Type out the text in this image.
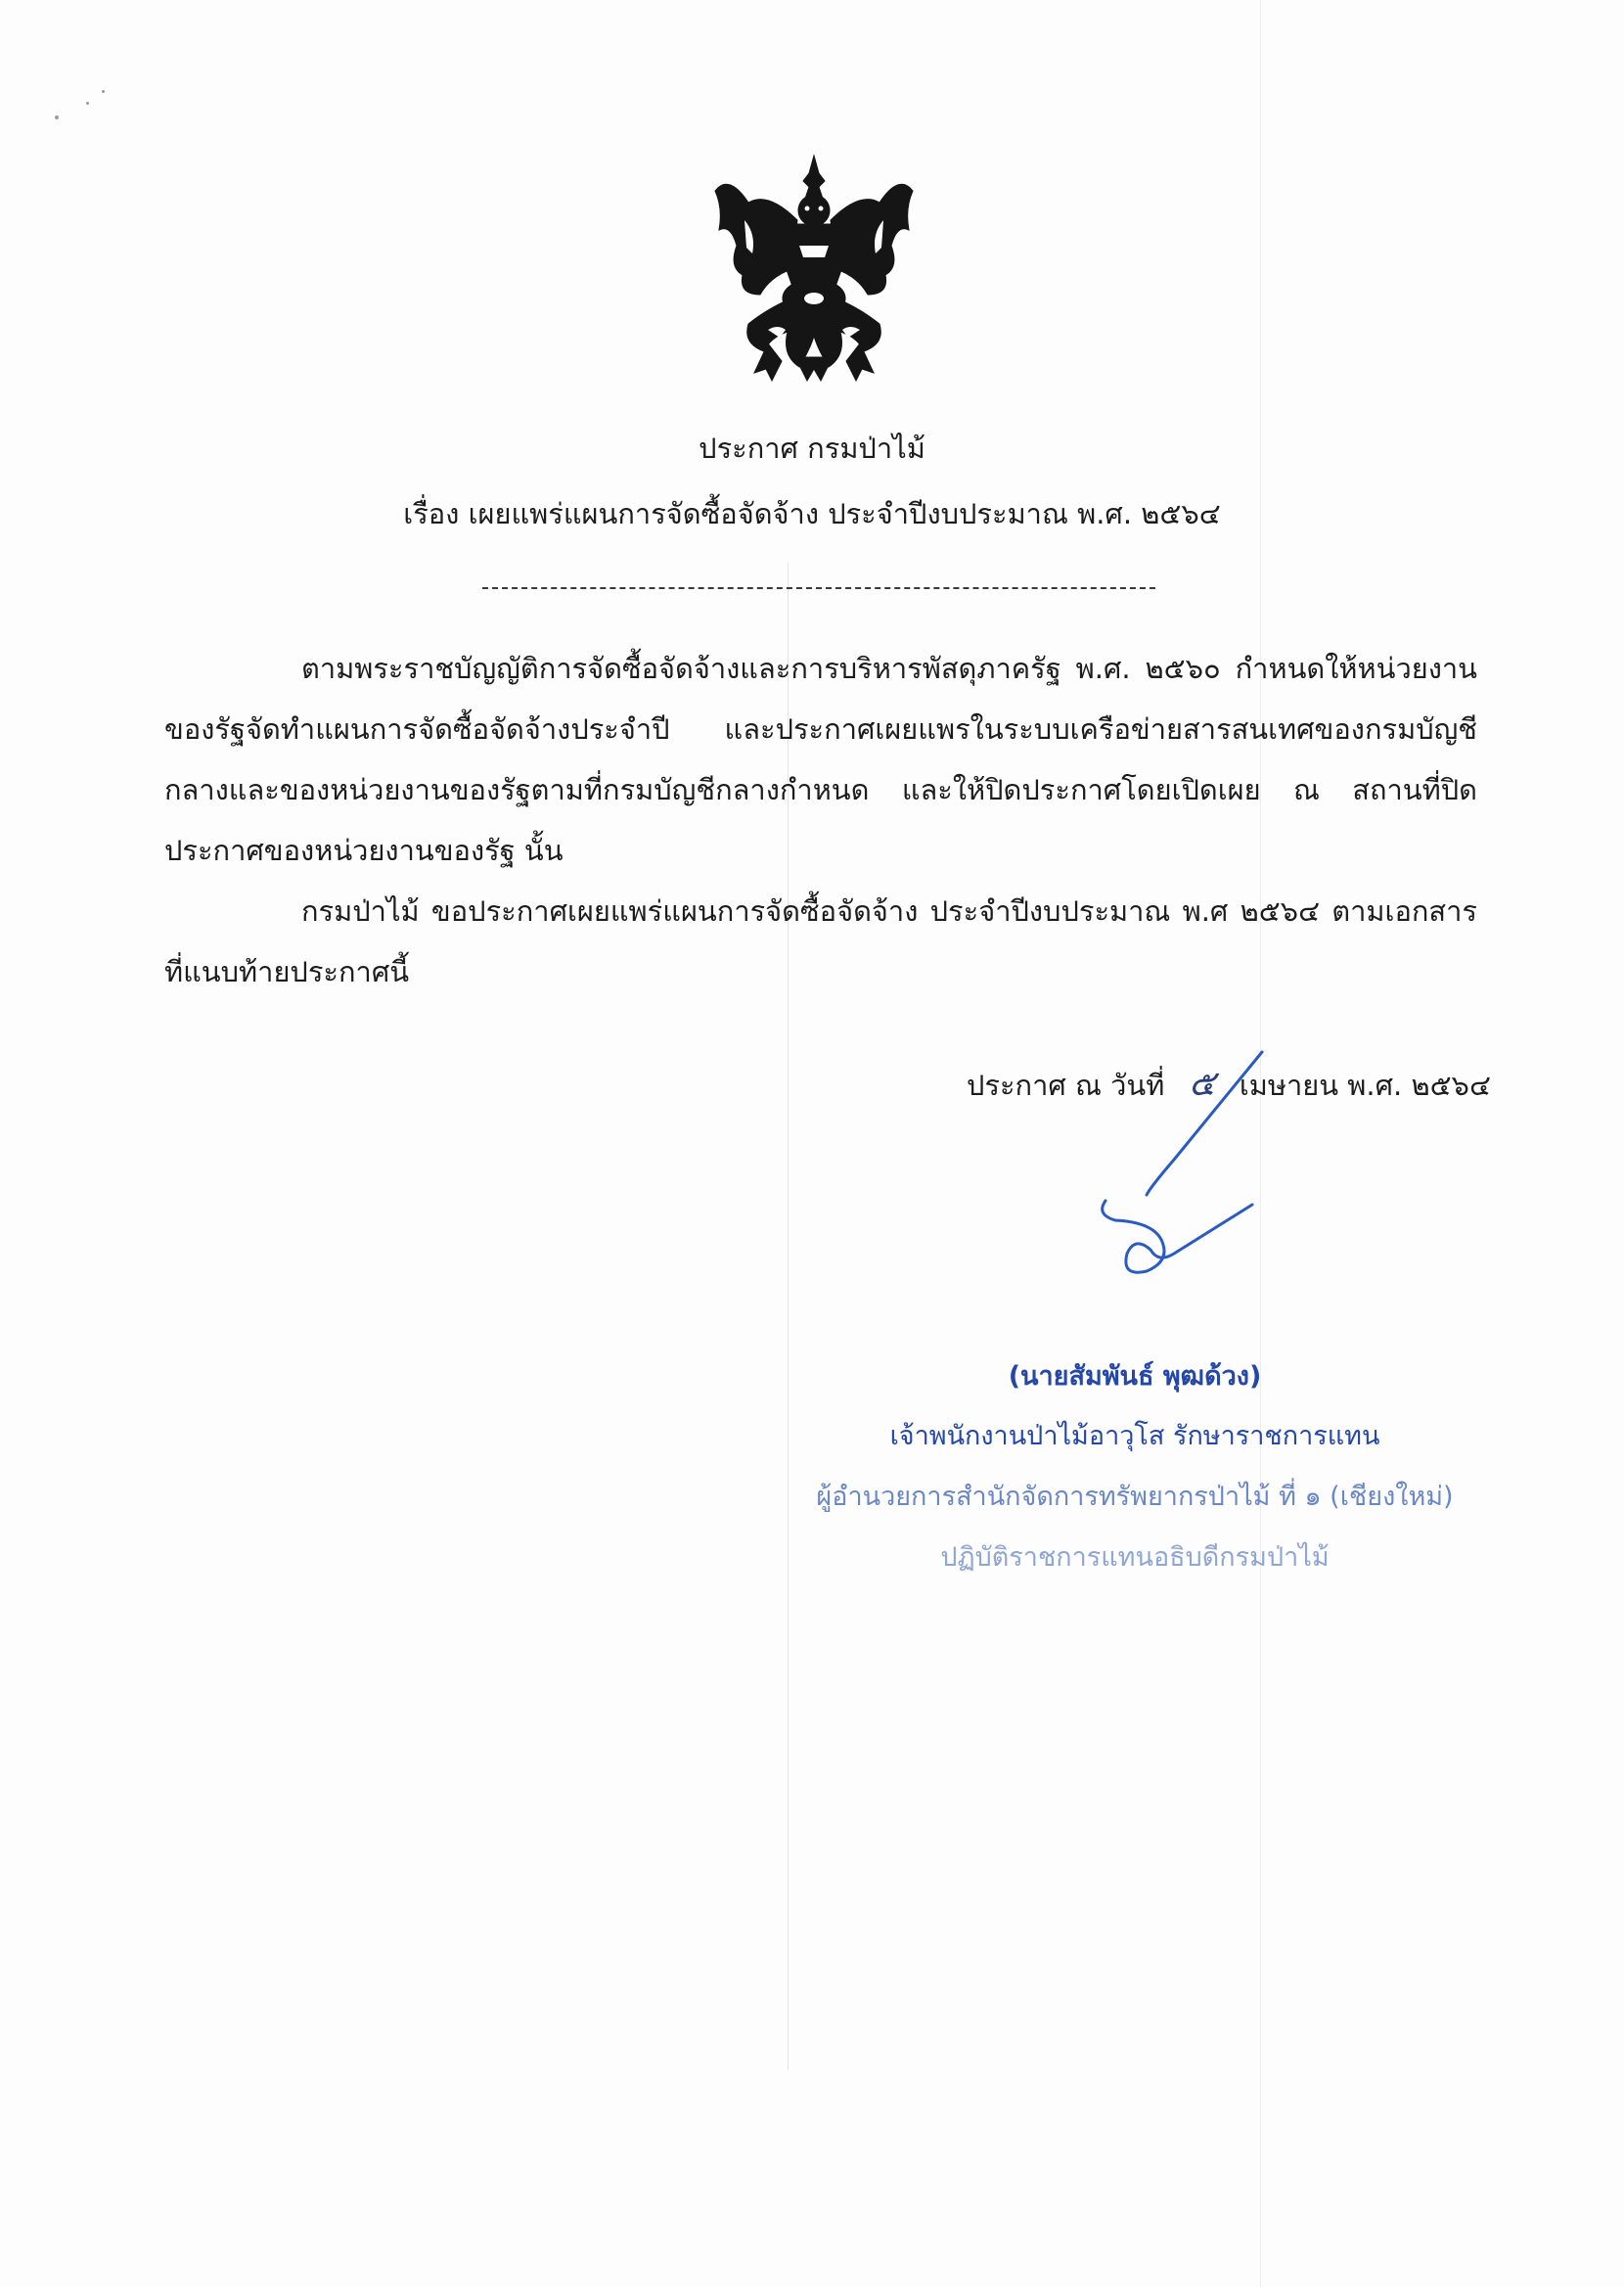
ประกาศ กรมป่าไม้
เรื่อง เผยแพร่แผนการจัดซื้อจัดจ้าง ประจำปีงบประมาณ พ.ศ. ๒๕๖๔

ตามพระราชบัญญัติการจัดซื้อจัดจ้างและการบริหารพัสดุภาครัฐ พ.ศ. ๒๕๖๐ กำหนดให้หน่วยงานของรัฐจัดทำแผนการจัดซื้อจัดจ้างประจำปี และประกาศเผยแพรในระบบเครือข่ายสารสนเทศของกรมบัญชีกลางและของหน่วยงานของรัฐตามที่กรมบัญชีกลางกำหนด และให้ปิดประกาศโดยเปิดเผย ณ สถานที่ปิดประกาศของหน่วยงานของรัฐ นั้น

กรมป่าไม้ ขอประกาศเผยแพร่แผนการจัดซื้อจัดจ้าง ประจำปีงบประมาณ พ.ศ ๒๕๖๔ ตามเอกสารที่แนบท้ายประกาศนี้

ประกาศ ณ วันที่ ๕ เมษายน พ.ศ. ๒๕๖๔
(นายสัมพันธ์ พุฒด้วง)
เจ้าพนักงานป่าไม้อาวุโส รักษาราชการแทน
ผู้อำนวยการสำนักจัดการทรัพยากรป่าไม้ ที่ ๑ (เชียงใหม่)
ปฏิบัติราชการแทนอธิบดีกรมป่าไม้
